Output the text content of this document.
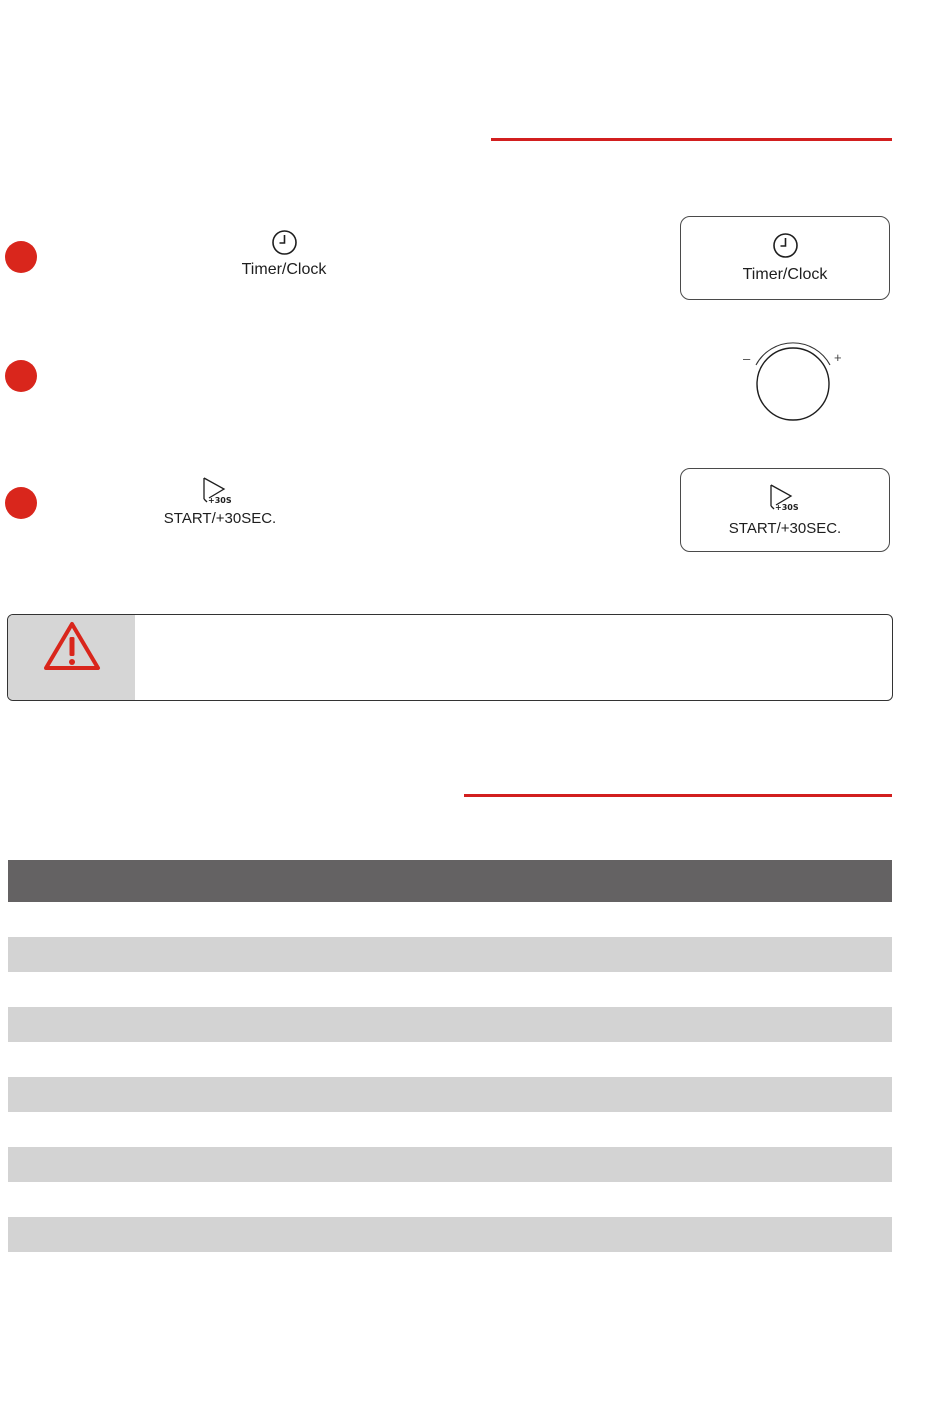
Timer/Clock	Timer/Clock
–	+
+30S
START/+30SEC.
+30S
START/+30SEC.
